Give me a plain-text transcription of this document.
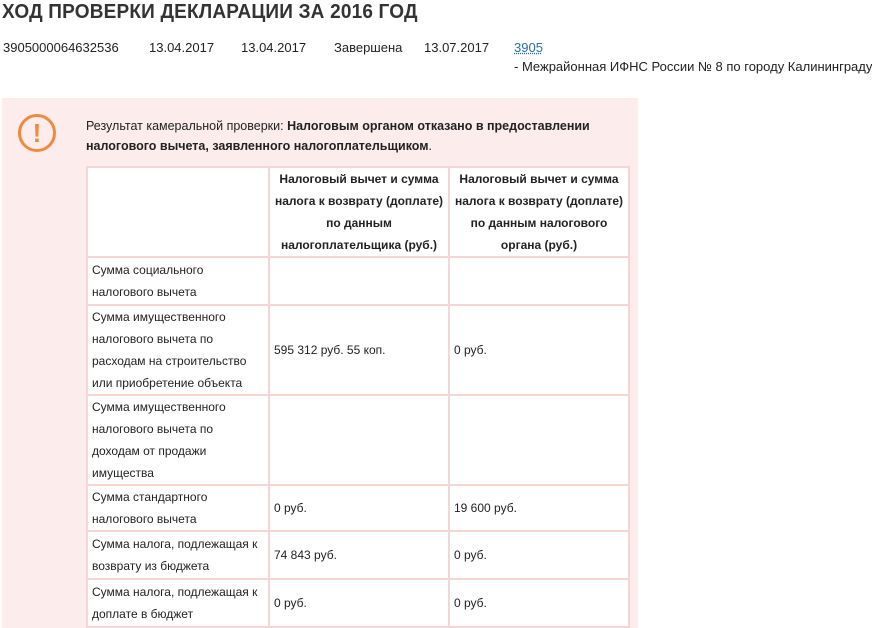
ХОД ПРОВЕРКИ ДЕКЛАРАЦИИ ЗА 2016 ГОД
3905000064632536 13.04.2017 13.04.2017 Завершена 13.07.2017 3905 - Межрайонная ИФНС России № 8 по городу Калининграду
!	Результат камеральной проверки: Налоговым органом отказано в предоставлении налогового вычета, заявленного налогоплательщиком.
	Налоговый вычет и сумма налога к возврату (доплате) по данным налогоплательщика (руб.)	Налоговый вычет и сумма налога к возврату (доплате) по данным налогового органа (руб.)
Сумма социального налогового вычета		
Сумма имущественного налогового вычета по расходам на строительство или приобретение объекта	595 312 руб. 55 коп.	0 руб.
Сумма имущественного налогового вычета по доходам от продажи имущества		
Сумма стандартного налогового вычета	0 руб.	19 600 руб.
Сумма налога, подлежащая к возврату из бюджета	74 843 руб.	0 руб.
Сумма налога, подлежащая к доплате в бюджет	0 руб.	0 руб.
